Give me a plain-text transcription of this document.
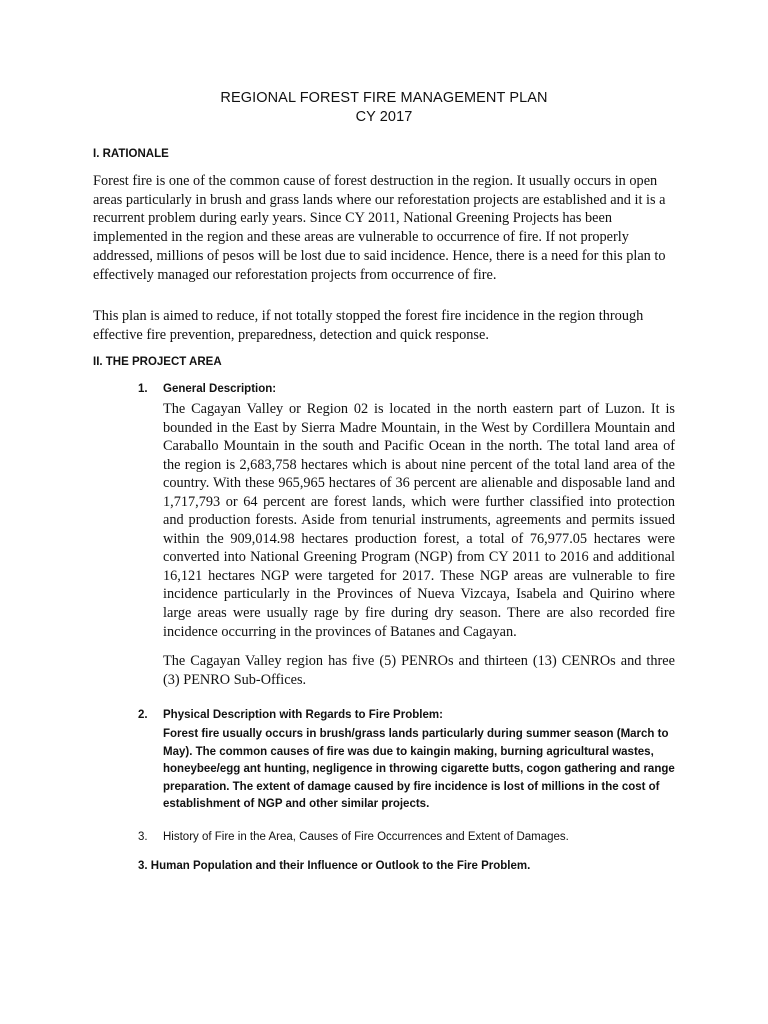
REGIONAL FOREST FIRE MANAGEMENT PLAN
CY 2017
I. RATIONALE

Forest fire is one of the common cause of forest destruction in the region. It usually occurs in open areas particularly in brush and grass lands where our reforestation projects are established and it is a recurrent problem during early years. Since CY 2011, National Greening Projects has been implemented in the region and these areas are vulnerable to occurrence of fire. If not properly addressed, millions of pesos will be lost due to said incidence. Hence, there is a need for this plan to effectively managed our reforestation projects from occurrence of fire.

This plan is aimed to reduce, if not totally stopped the forest fire incidence in the region through effective fire prevention, preparedness, detection and quick response.

II. THE PROJECT AREA
1. General Description:

The Cagayan Valley or Region 02 is located in the north eastern part of Luzon. It is bounded in the East by Sierra Madre Mountain, in the West by Cordillera Mountain and Caraballo Mountain in the south and Pacific Ocean in the north. The total land area of the region is 2,683,758 hectares which is about nine percent of the total land area of the country. With these 965,965 hectares of 36 percent are alienable and disposable land and 1,717,793 or 64 percent are forest lands, which were further classified into protection and production forests. Aside from tenurial instruments, agreements and permits issued within the 909,014.98 hectares production forest, a total of 76,977.05 hectares were converted into National Greening Program (NGP) from CY 2011 to 2016 and additional 16,121 hectares NGP were targeted for 2017. These NGP areas are vulnerable to fire incidence particularly in the Provinces of Nueva Vizcaya, Isabela and Quirino where large areas were usually rage by fire during dry season. There are also recorded fire incidence occurring in the provinces of Batanes and Cagayan.

The Cagayan Valley region has five (5) PENROs and thirteen (13) CENROs and three (3) PENRO Sub-Offices.

2. Physical Description with Regards to Fire Problem:

Forest fire usually occurs in brush/grass lands particularly during summer season (March to May). The common causes of fire was due to kaingin making, burning agricultural wastes, honeybee/egg ant hunting, negligence in throwing cigarette butts, cogon gathering and range preparation. The extent of damage caused by fire incidence is lost of millions in the cost of establishment of NGP and other similar projects.

3. History of Fire in the Area, Causes of Fire Occurrences and Extent of Damages.
3. Human Population and their Influence or Outlook to the Fire Problem.
